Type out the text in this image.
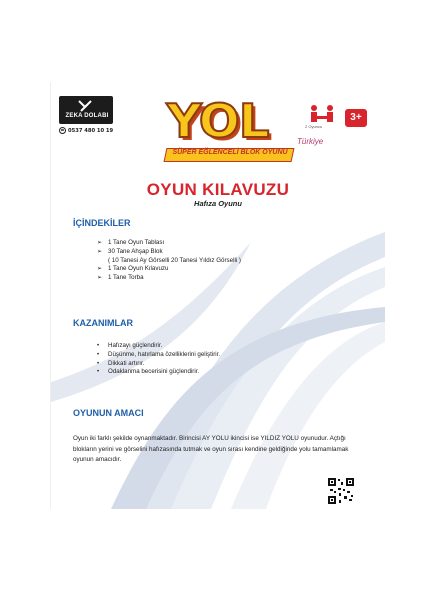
ZEKA DOLABI
☎ 0537 480 10 19 YOL
SÜPER EĞLENCELİ BLOK OYUNU
2 Oyuncu
3+
Türkiye
OYUN KILAVUZU
Hafıza Oyunu
İÇİNDEKİLER
➢ 1 Tane Oyun Tablası
➢ 30 Tane Ahşap Blok
( 10 Tanesi Ay Görselli 20 Tanesi Yıldız Görselli )
➢ 1 Tane Oyun Kılavuzu
➢ 1 Tane Torba
KAZANIMLAR
• Hafızayı güçlendirir.
• Düşünme, hatırlama özelliklerini geliştirir.
• Dikkati artırır.
• Odaklanma becerisini güçlendirir.
OYUNUN AMACI
Oyun iki farklı şekilde oynanmaktadır. Birincisi AY YOLU ikincisi ise YILDIZ YOLU oyunudur. Açtığı blokların yerini ve görselini hafızasında tutmak ve oyun sırası kendine geldiğinde yolu tamamlamak oyunun amacıdır.
